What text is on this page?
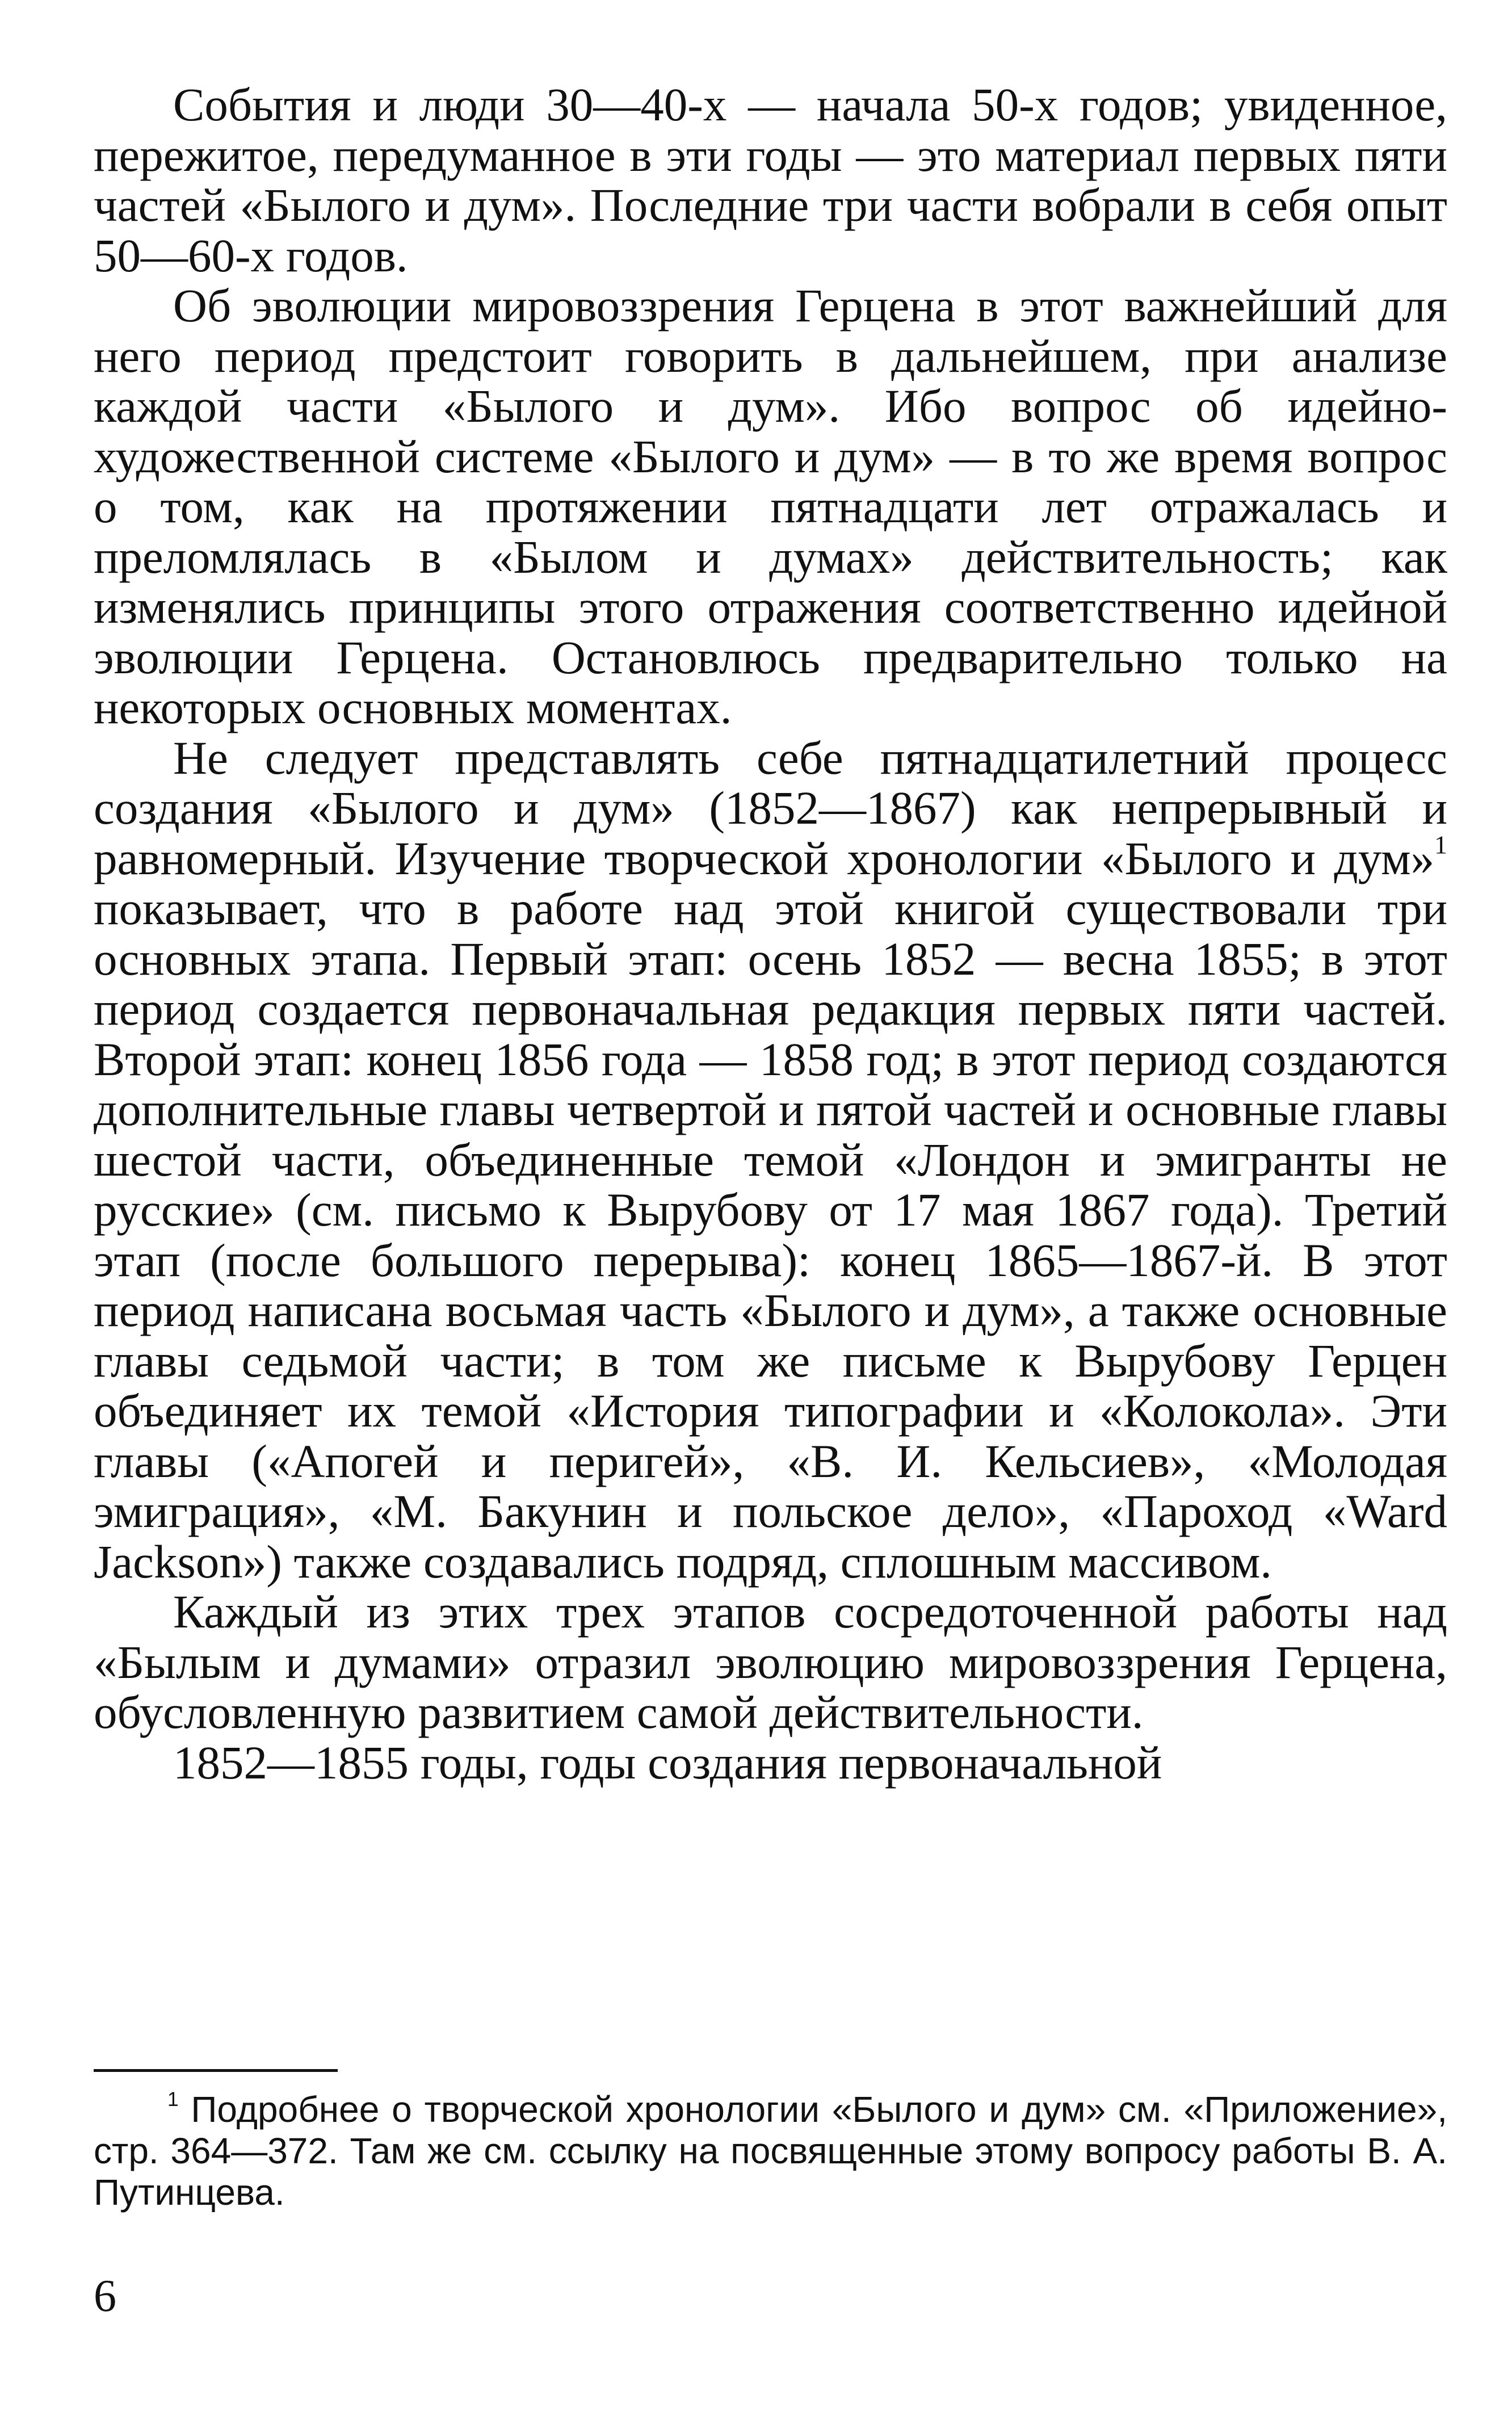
События и люди 30—40-х — начала 50-х годов; увиденное, пережитое, передуманное в эти годы — это материал первых пяти частей «Былого и дум». Последние три части вобрали в себя опыт 50—60-х годов.

Об эволюции мировоззрения Герцена в этот важнейший для него период предстоит говорить в дальнейшем, при анализе каждой части «Былого и дум». Ибо вопрос об идейно-художественной системе «Былого и дум» — в то же время вопрос о том, как на протяжении пятнадцати лет отражалась и преломлялась в «Былом и думах» действительность; как изменялись принципы этого отражения соответственно идейной эволюции Герцена. Остановлюсь предварительно только на некоторых основных моментах.

Не следует представлять себе пятнадцатилетний процесс создания «Былого и дум» (1852—1867) как непрерывный и равномерный. Изучение творческой хронологии «Былого и дум»$^1$ показывает, что в работе над этой книгой существовали три основных этапа. Первый этап: осень 1852 — весна 1855; в этот период создается первоначальная редакция первых пяти частей. Второй этап: конец 1856 года — 1858 год; в этот период создаются дополнительные главы четвертой и пятой частей и основные главы шестой части, объединенные темой «Лондон и эмигранты не русские» (см. письмо к Вырубову от 17 мая 1867 года). Третий этап (после большого перерыва): конец 1865—1867-й. В этот период написана восьмая часть «Былого и дум», а также основные главы седьмой части; в том же письме к Вырубову Герцен объединяет их темой «История типографии и «Колокола». Эти главы («Апогей и перигей», «В. И. Кельсиев», «Молодая эмиграция», «М. Бакунин и польское дело», «Пароход «Ward Jackson») также создавались подряд, сплошным массивом.

Каждый из этих трех этапов сосредоточенной работы над «Былым и думами» отразил эволюцию мировоззрения Герцена, обусловленную развитием самой действительности.

1852—1855 годы, годы создания первоначальной

$^1$ Подробнее о творческой хронологии «Былого и дум» см. «Приложение», стр. 364—372. Там же см. ссылку на посвященные этому вопросу работы В. А. Путинцева.

6
